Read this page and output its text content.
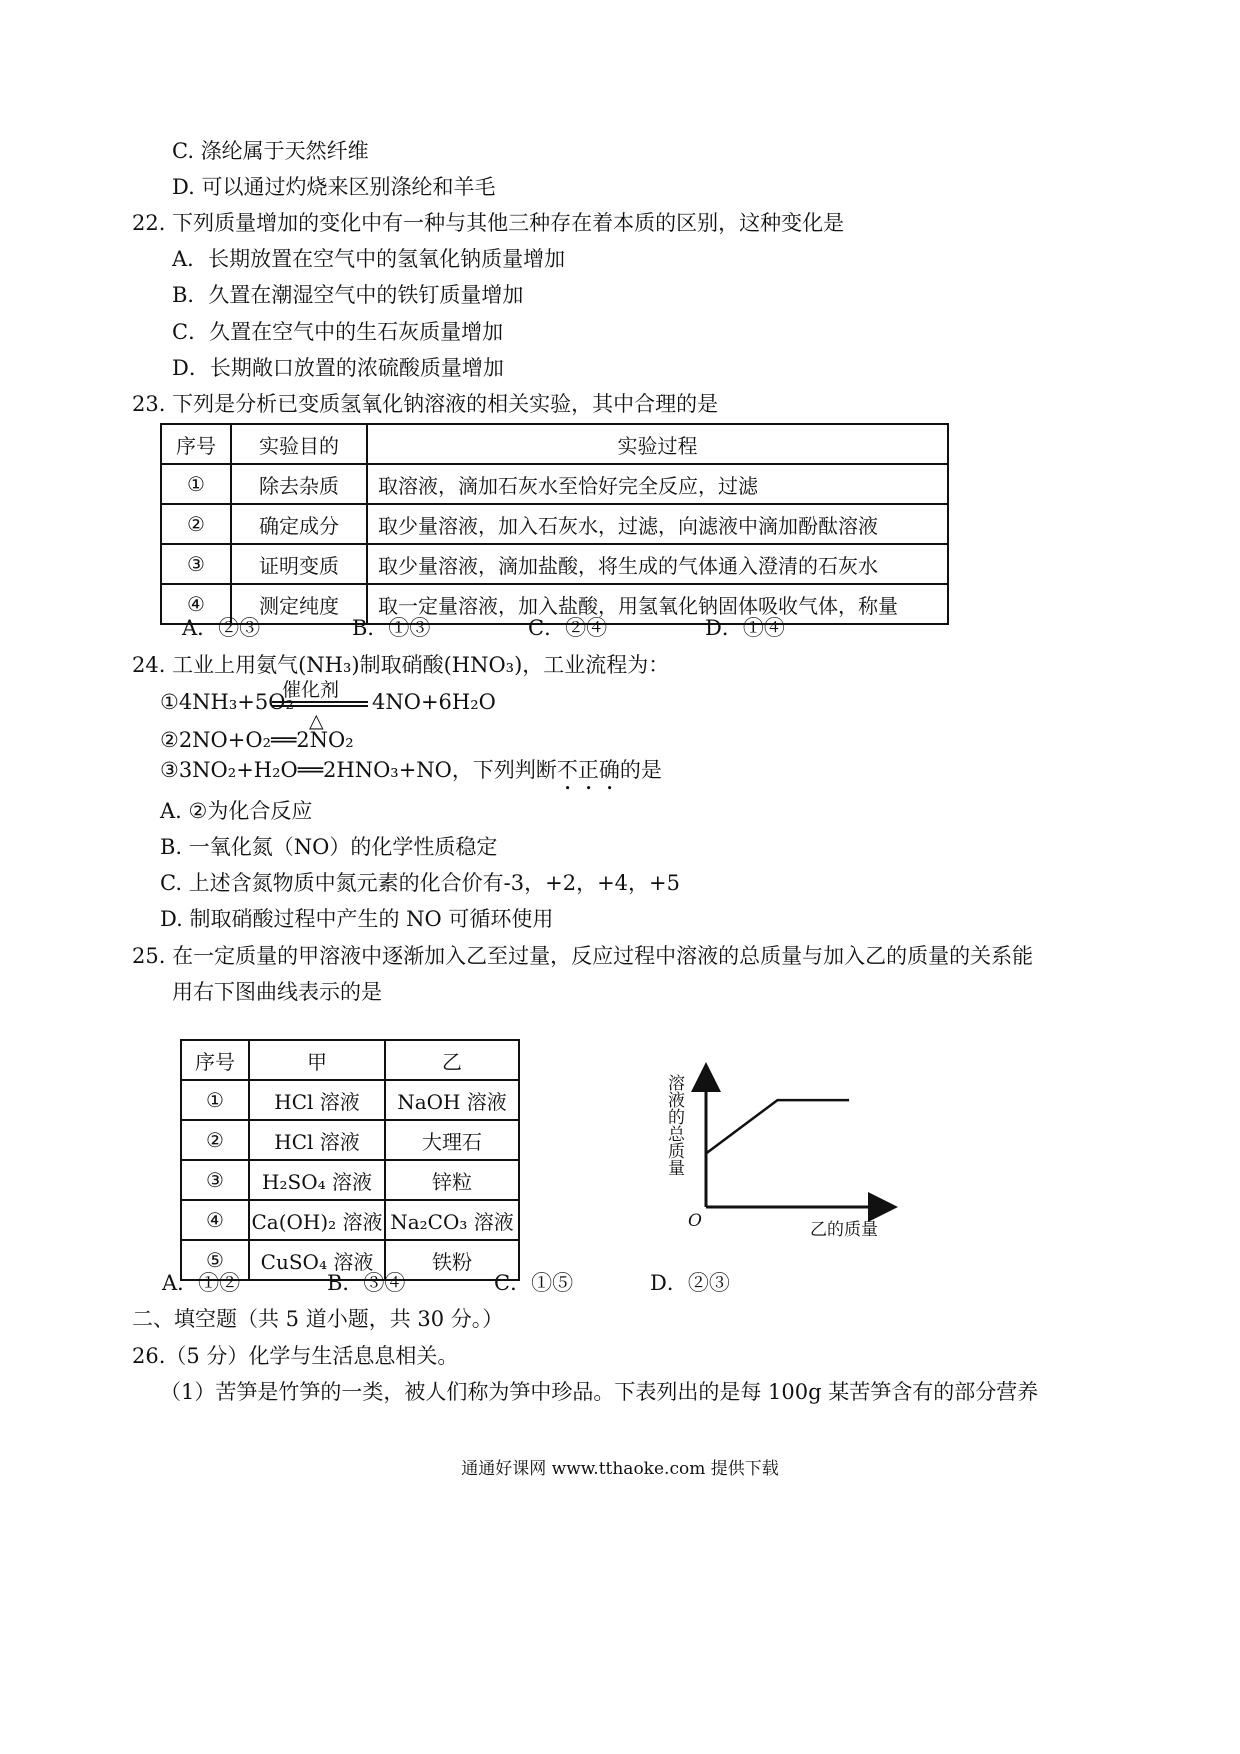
C. 涤纶属于天然纤维
D. 可以通过灼烧来区别涤纶和羊毛
22. 下列质量增加的变化中有一种与其他三种存在着本质的区别，这种变化是
A．长期放置在空气中的氢氧化钠质量增加
B．久置在潮湿空气中的铁钉质量增加
C．久置在空气中的生石灰质量增加
D．长期敞口放置的浓硫酸质量增加
23. 下列是分析已变质氢氧化钠溶液的相关实验，其中合理的是
序号	实验目的	实验过程
①	除去杂质	取溶液，滴加石灰水至恰好完全反应，过滤
②	确定成分	取少量溶液，加入石灰水，过滤，向滤液中滴加酚酞溶液
③	证明变质	取少量溶液，滴加盐酸，将生成的气体通入澄清的石灰水
④	测定纯度	取一定量溶液，加入盐酸，用氢氧化钠固体吸收气体，称量
A．②③	B．①③	C．②④	D．①④
24. 工业上用氨气(NH₃)制取硝酸(HNO₃)，工业流程为：
①4NH₃+5O₂
催化剂
△
4NO+6H₂O
②2NO+O₂══2NO₂
③3NO₂+H₂O══2HNO₃+NO，下列判断不正确的是
A. ②为化合反应
B. 一氧化氮（NO）的化学性质稳定
C. 上述含氮物质中氮元素的化合价有-3，+2，+4，+5
D. 制取硝酸过程中产生的 NO 可循环使用
25. 在一定质量的甲溶液中逐渐加入乙至过量，反应过程中溶液的总质量与加入乙的质量的关系能
用右下图曲线表示的是
序号	甲	乙
①	HCl 溶液	NaOH 溶液
②	HCl 溶液	大理石
③	H₂SO₄ 溶液	锌粒
④	Ca(OH)₂ 溶液	Na₂CO₃ 溶液
⑤	CuSO₄ 溶液	铁粉
溶液的总质量
O	乙的质量
A．①②	B．③④	C．①⑤	D．②③
二、填空题（共 5 道小题，共 30 分。）
26.（5 分）化学与生活息息相关。
（1）苦笋是竹笋的一类，被人们称为笋中珍品。下表列出的是每 100g 某苦笋含有的部分营养
通通好课网 www.tthaoke.com 提供下载
